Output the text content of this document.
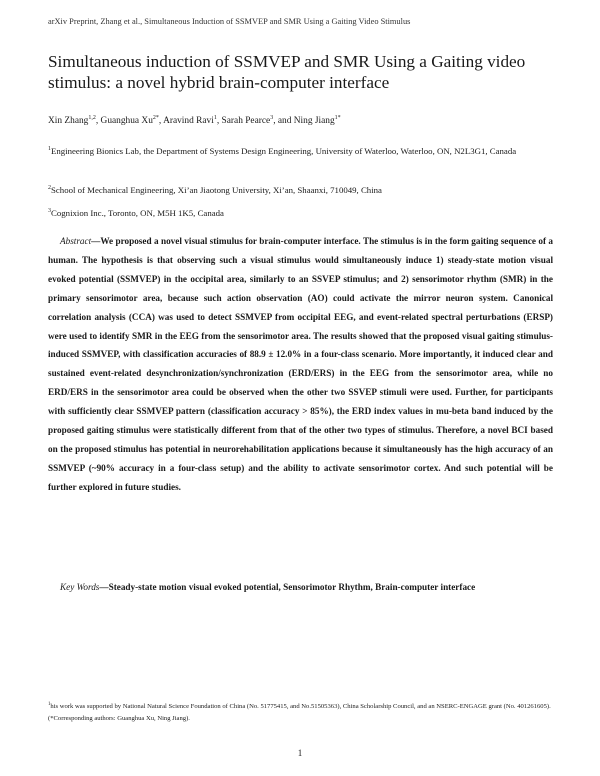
arXiv Preprint, Zhang et al., Simultaneous Induction of SSMVEP and SMR Using a Gaiting Video Stimulus
Simultaneous induction of SSMVEP and SMR Using a Gaiting video stimulus: a novel hybrid brain-computer interface
Xin Zhang$^{1,2}$, Guanghua $Xu^{2*}$, Aravind Ravi$^1$, Sarah Pearce$^3$, and Ning Jiang$^{1*}$
$^1$Engineering Bionics Lab, the Department of Systems Design Engineering, University of Waterloo, Waterloo, ON, N2L3G1, Canada
$^2$School of Mechanical Engineering, Xi’an Jiaotong University, Xi’an, Shaanxi, 710049, China
$^3$Cognixion Inc., Toronto, ON, M5H 1K5, Canada

Abstract—We proposed a novel visual stimulus for brain-computer interface. The stimulus is in the form gaiting sequence of a human. The hypothesis is that observing such a visual stimulus would simultaneously induce 1) steady-state motion visual evoked potential (SSMVEP) in the occipital area, similarly to an SSVEP stimulus; and 2) sensorimotor rhythm (SMR) in the primary sensorimotor area, because such action observation (AO) could activate the mirror neuron system. Canonical correlation analysis (CCA) was used to detect SSMVEP from occipital EEG, and event-related spectral perturbations (ERSP) were used to identify SMR in the EEG from the sensorimotor area. The results showed that the proposed visual gaiting stimulus-induced SSMVEP, with classification accuracies of 88.9 ± 12.0% in a four-class scenario. More importantly, it induced clear and sustained event-related desynchronization/synchronization (ERD/ERS) in the EEG from the sensorimotor area, while no ERD/ERS in the sensorimotor area could be observed when the other two SSVEP stimuli were used. Further, for participants with sufficiently clear SSMVEP pattern (classification accuracy > 85%), the ERD index values in mu-beta band induced by the proposed gaiting stimulus were statistically different from that of the other two types of stimulus. Therefore, a novel BCI based on the proposed stimulus has potential in neurorehabilitation applications because it simultaneously has the high accuracy of an SSMVEP (~90% accuracy in a four-class setup) and the ability to activate sensorimotor cortex. And such potential will be further explored in future studies.

Key Words—Steady-state motion visual evoked potential, Sensorimotor Rhythm, Brain-computer interface

$^1$his work was supported by National Natural Science Foundation of China (No. 51775415, and No.51505363), China Scholarship Council, and an NSERC-ENGAGE grant (No. 401261605). (*Corresponding authors: Guanghua Xu, Ning Jiang).

1
